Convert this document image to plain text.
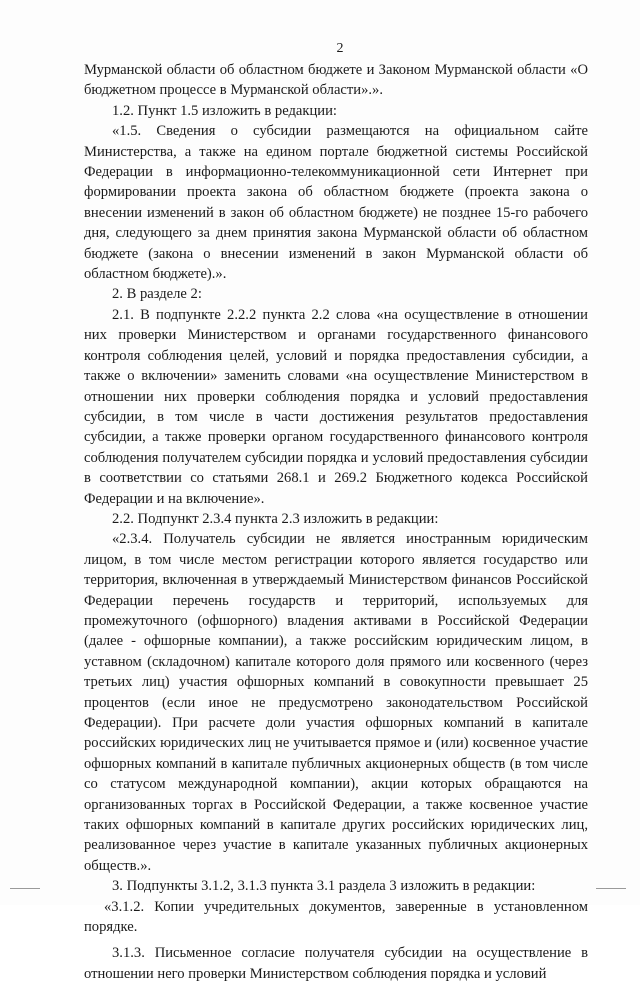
2

Мурманской области об областном бюджете и Законом Мурманской области «О бюджетном процессе в Мурманской области».».

1.2. Пункт 1.5 изложить в редакции:

«1.5. Сведения о субсидии размещаются на официальном сайте Министерства, а также на едином портале бюджетной системы Российской Федерации в информационно-телекоммуникационной сети Интернет при формировании проекта закона об областном бюджете (проекта закона о внесении изменений в закон об областном бюджете) не позднее 15-го рабочего дня, следующего за днем принятия закона Мурманской области об областном бюджете (закона о внесении изменений в закон Мурманской области об областном бюджете).».

2. В разделе 2:

2.1. В подпункте 2.2.2 пункта 2.2 слова «на осуществление в отношении них проверки Министерством и органами государственного финансового контроля соблюдения целей, условий и порядка предоставления субсидии, а также о включении» заменить словами «на осуществление Министерством в отношении них проверки соблюдения порядка и условий предоставления субсидии, в том числе в части достижения результатов предоставления субсидии, а также проверки органом государственного финансового контроля соблюдения получателем субсидии порядка и условий предоставления субсидии в соответствии со статьями 268.1 и 269.2 Бюджетного кодекса Российской Федерации и на включение».

2.2. Подпункт 2.3.4 пункта 2.3 изложить в редакции:

«2.3.4. Получатель субсидии не является иностранным юридическим лицом, в том числе местом регистрации которого является государство или территория, включенная в утверждаемый Министерством финансов Российской Федерации перечень государств и территорий, используемых для промежуточного (офшорного) владения активами в Российской Федерации (далее - офшорные компании), а также российским юридическим лицом, в уставном (складочном) капитале которого доля прямого или косвенного (через третьих лиц) участия офшорных компаний в совокупности превышает 25 процентов (если иное не предусмотрено законодательством Российской Федерации). При расчете доли участия офшорных компаний в капитале российских юридических лиц не учитывается прямое и (или) косвенное участие офшорных компаний в капитале публичных акционерных обществ (в том числе со статусом международной компании), акции которых обращаются на организованных торгах в Российской Федерации, а также косвенное участие таких офшорных компаний в капитале других российских юридических лиц, реализованное через участие в капитале указанных публичных акционерных обществ.».

3. Подпункты 3.1.2, 3.1.3 пункта 3.1 раздела 3 изложить в редакции:

«3.1.2. Копии учредительных документов, заверенные в установленном порядке.

3.1.3. Письменное согласие получателя субсидии на осуществление в отношении него проверки Министерством соблюдения порядка и условий
